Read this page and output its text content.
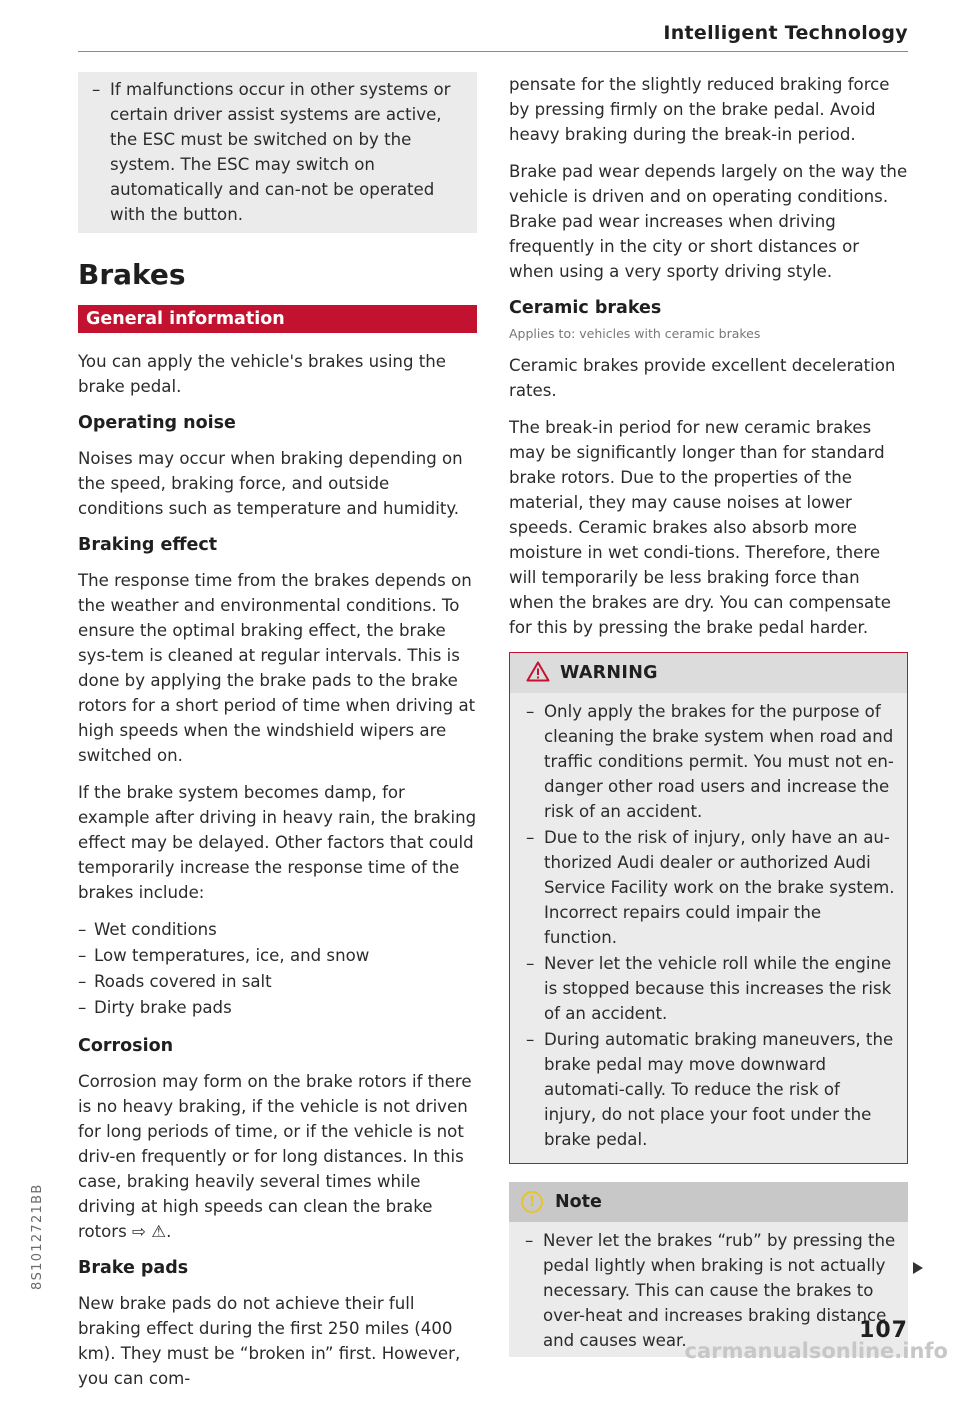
Intelligent Technology

– If malfunctions occur in other systems or certain driver assist systems are active, the ESC must be switched on by the system. The ESC may switch on automatically and can-not be operated with the button.

Brakes
General information

You can apply the vehicle's brakes using the brake pedal.

Operating noise

Noises may occur when braking depending on the speed, braking force, and outside conditions such as temperature and humidity.

Braking effect

The response time from the brakes depends on the weather and environmental conditions. To ensure the optimal braking effect, the brake sys-tem is cleaned at regular intervals. This is done by applying the brake pads to the brake rotors for a short period of time when driving at high speeds when the windshield wipers are switched on.

If the brake system becomes damp, for example after driving in heavy rain, the braking effect may be delayed. Other factors that could temporarily increase the response time of the brakes include:

– Wet conditions

– Low temperatures, ice, and snow

– Roads covered in salt

– Dirty brake pads

Corrosion

Corrosion may form on the brake rotors if there is no heavy braking, if the vehicle is not driven for long periods of time, or if the vehicle is not driv-en frequently or for long distances. In this case, braking heavily several times while driving at high speeds can clean the brake rotors ⇨ ⚠.

Brake pads

New brake pads do not achieve their full braking effect during the first 250 miles (400 km). They must be “broken in” first. However, you can com-

pensate for the slightly reduced braking force by pressing firmly on the brake pedal. Avoid heavy braking during the break-in period.

Brake pad wear depends largely on the way the vehicle is driven and on operating conditions. Brake pad wear increases when driving frequently in the city or short distances or when using a very sporty driving style.

Ceramic brakes

Applies to: vehicles with ceramic brakes

Ceramic brakes provide excellent deceleration rates.

The break-in period for new ceramic brakes may be significantly longer than for standard brake rotors. Due to the properties of the material, they may cause noises at lower speeds. Ceramic brakes also absorb more moisture in wet condi-tions. Therefore, there will temporarily be less braking force than when the brakes are dry. You can compensate for this by pressing the brake pedal harder.

WARNING

– Only apply the brakes for the purpose of cleaning the brake system when road and traffic conditions permit. You must not en-danger other road users and increase the risk of an accident.

– Due to the risk of injury, only have an au-thorized Audi dealer or authorized Audi Service Facility work on the brake system. Incorrect repairs could impair the function.

– Never let the vehicle roll while the engine is stopped because this increases the risk of an accident.

– During automatic braking maneuvers, the brake pedal may move downward automati-cally. To reduce the risk of injury, do not place your foot under the brake pedal.

!	Note

– Never let the brakes “rub” by pressing the pedal lightly when braking is not actually necessary. This can cause the brakes to over-heat and increases braking distance and causes wear.	107
8S1012721BB
carmanualsonline.info
